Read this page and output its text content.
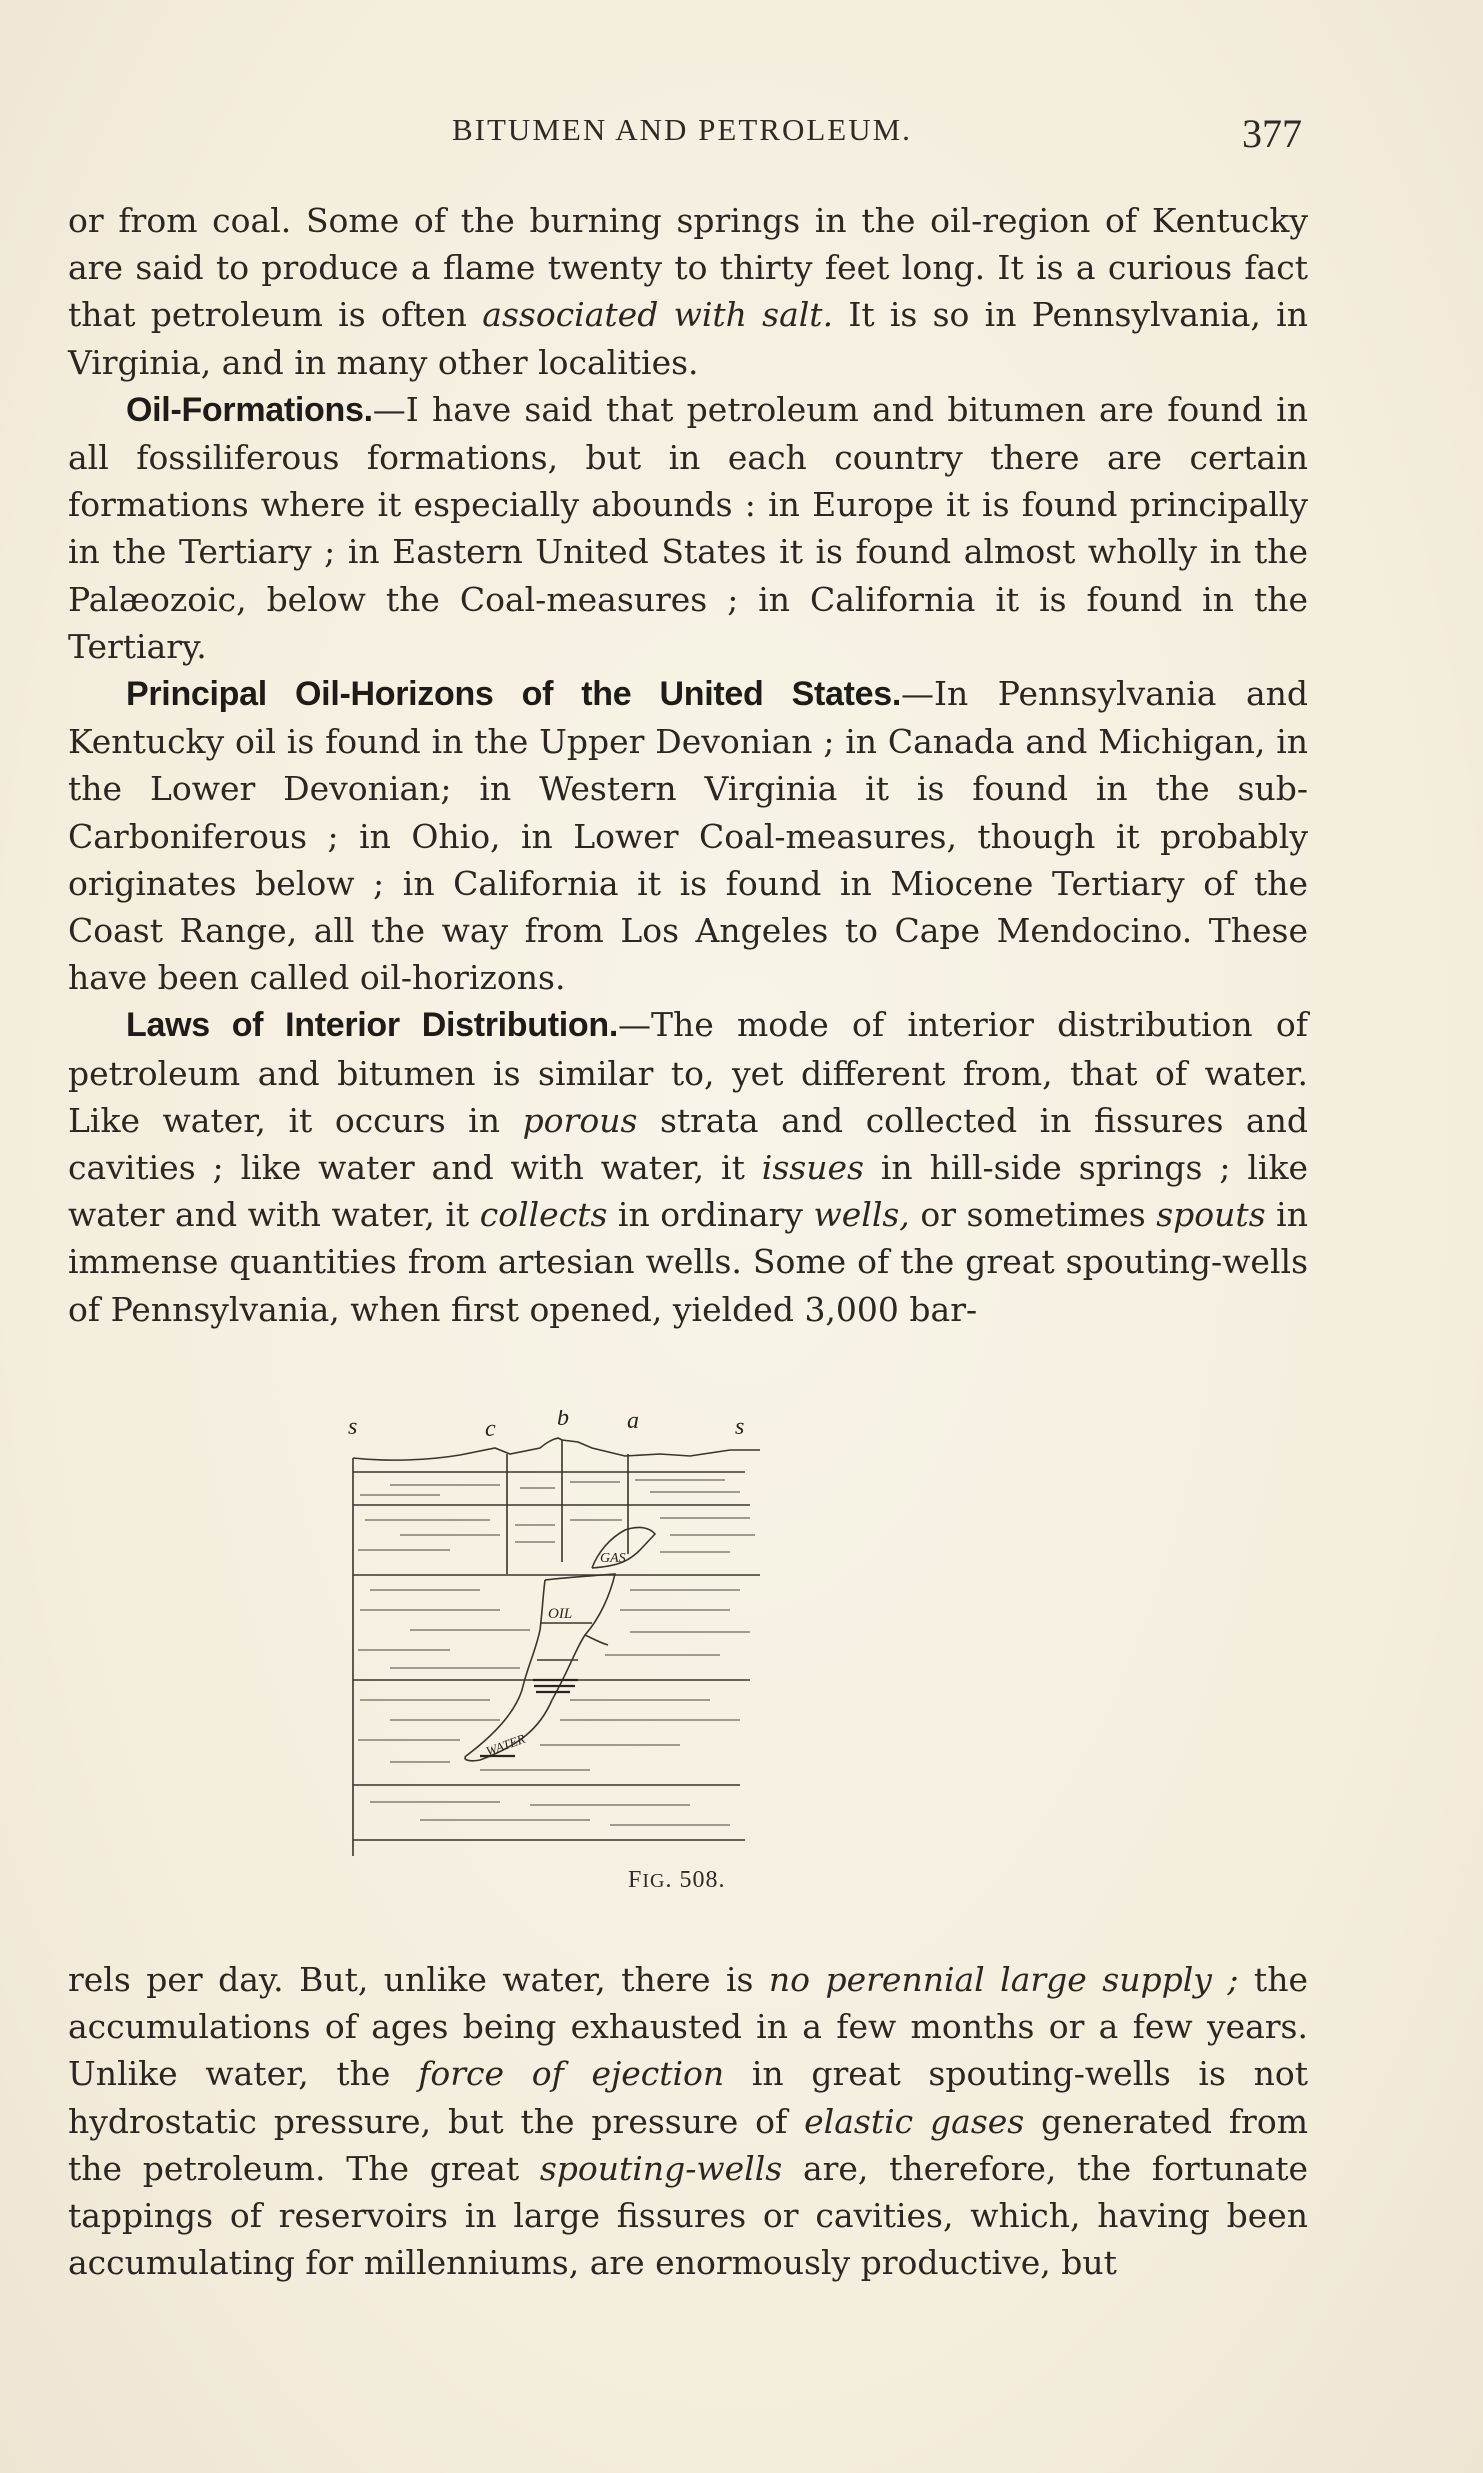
BITUMEN AND PETROLEUM.	377

or from coal. Some of the burning springs in the oil-region of Kentucky are said to produce a flame twenty to thirty feet long. It is a curious fact that petroleum is often associated with salt. It is so in Pennsylvania, in Virginia, and in many other localities.

Oil-Formations.—I have said that petroleum and bitumen are found in all fossiliferous formations, but in each country there are certain formations where it especially abounds : in Europe it is found principally in the Tertiary ; in Eastern United States it is found almost wholly in the Palæozoic, below the Coal-measures ; in California it is found in the Tertiary.

Principal Oil-Horizons of the United States.—In Pennsylvania and Kentucky oil is found in the Upper Devonian ; in Canada and Michigan, in the Lower Devonian; in Western Virginia it is found in the sub-Carboniferous ; in Ohio, in Lower Coal-measures, though it probably originates below ; in California it is found in Miocene Tertiary of the Coast Range, all the way from Los Angeles to Cape Mendocino. These have been called oil-horizons.

Laws of Interior Distribution.—The mode of interior distribution of petroleum and bitumen is similar to, yet different from, that of water. Like water, it occurs in porous strata and collected in fissures and cavities ; like water and with water, it issues in hill-side springs ; like water and with water, it collects in ordinary wells, or sometimes spouts in immense quantities from artesian wells. Some of the great spouting-wells of Pennsylvania, when first opened, yielded 3,000 bar-

s	c	b a	s
GAS
OIL
WATER
FIG. 508.

rels per day. But, unlike water, there is no perennial large supply ; the accumulations of ages being exhausted in a few months or a few years. Unlike water, the force of ejection in great spouting-wells is not hydrostatic pressure, but the pressure of elastic gases generated from the petroleum. The great spouting-wells are, therefore, the fortunate tappings of reservoirs in large fissures or cavities, which, having been accumulating for millenniums, are enormously productive, but
